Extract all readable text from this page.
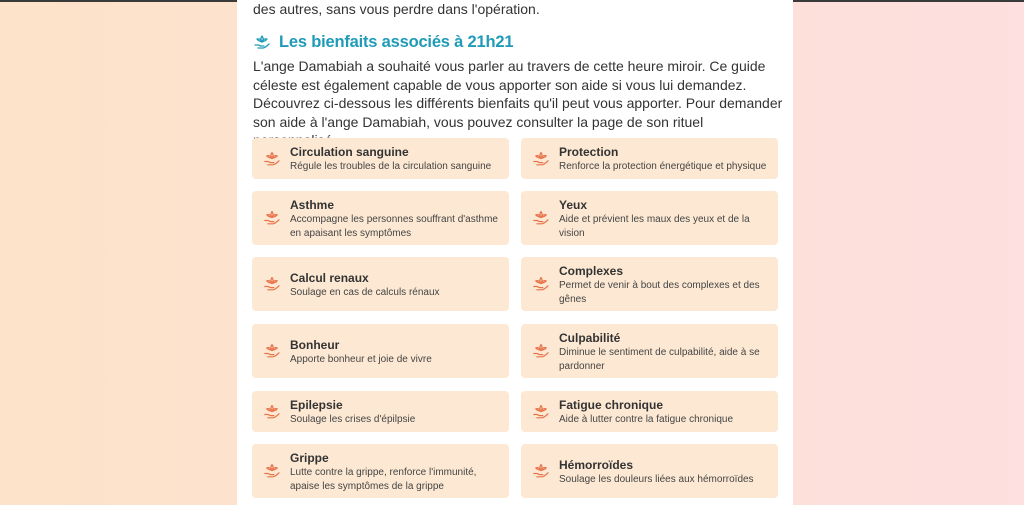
des autres, sans vous perdre dans l'opération.
Les bienfaits associés à 21h21

L'ange Damabiah a souhaité vous parler au travers de cette heure miroir. Ce guide céleste est également capable de vous apporter son aide si vous lui demandez. Découvrez ci-dessous les différents bienfaits qu'il peut vous apporter. Pour demander son aide à l'ange Damabiah, vous pouvez consulter la page de son rituel

Circulation sanguine
Régule les troubles de la circulation sanguine
Protection
Renforce la protection énergétique et physique
Asthme
Accompagne les personnes souffrant d'asthme en apaisant les symptômes
Yeux
Aide et prévient les maux des yeux et de la vision
Calcul renaux
Soulage en cas de calculs rénaux
Complexes
Permet de venir à bout des complexes et des gênes
Bonheur
Apporte bonheur et joie de vivre
Culpabilité
Diminue le sentiment de culpabilité, aide à se pardonner
Epilepsie
Soulage les crises d'épilpsie
Fatigue chronique
Aide à lutter contre la fatigue chronique
Grippe
Lutte contre la grippe, renforce l'immunité, apaise les symptômes de la grippe
Hémorroïdes
Soulage les douleurs liées aux hémorroïdes
